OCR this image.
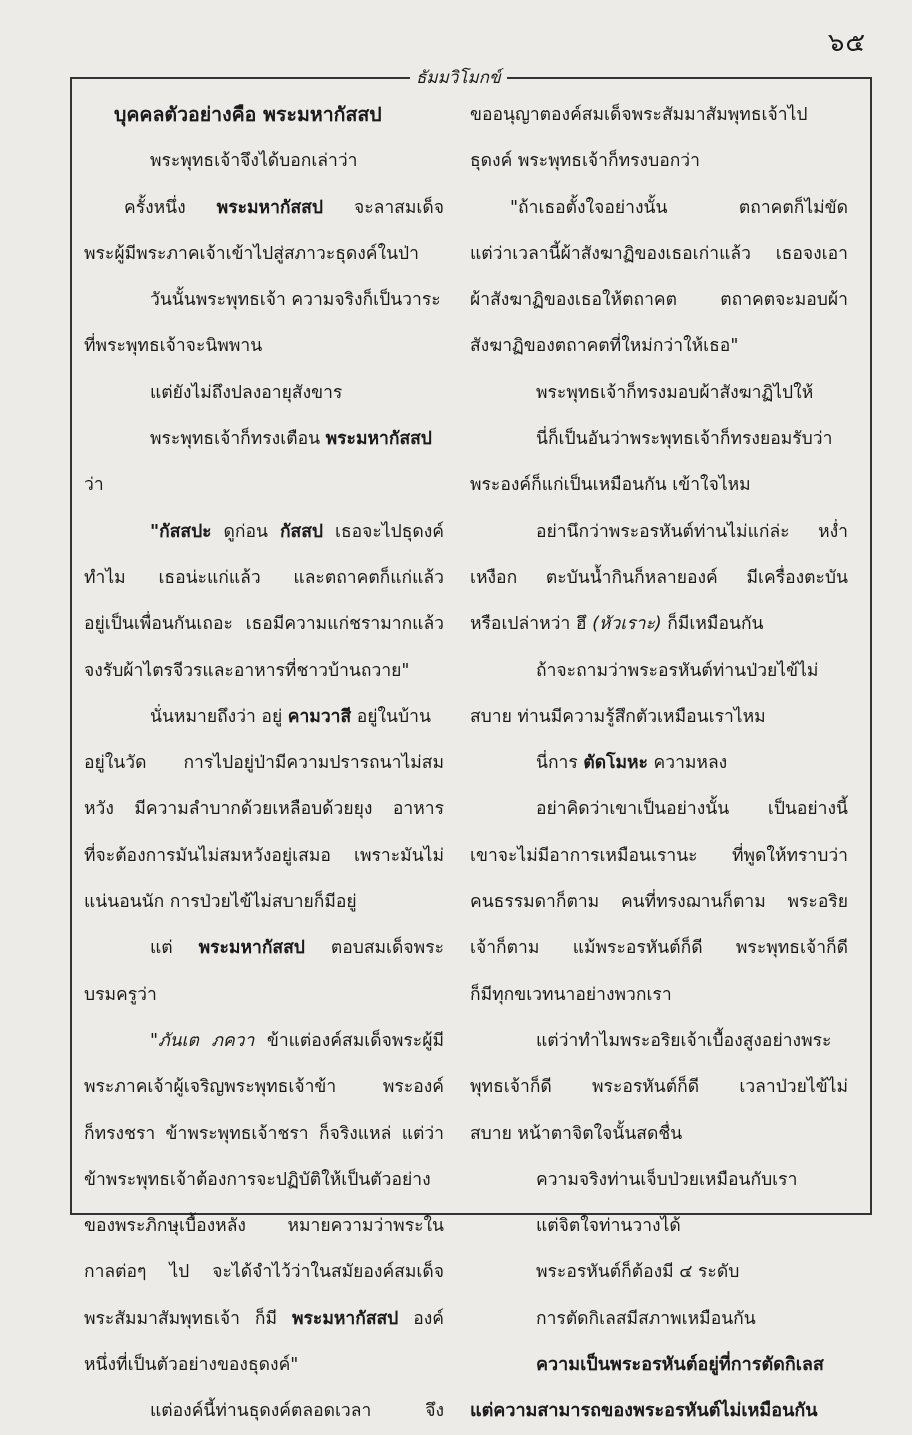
๖๕
ธัมมวิโมกข์
บุคคลตัวอย่างคือ พระมหากัสสป
พระพุทธเจ้าจึงได้บอกเล่าว่า
ครั้งหนึ่ง พระมหากัสสป จะลาสมเด็จ
พระผู้มีพระภาคเจ้าเข้าไปสู่สภาวะธุดงค์ในป่า
วันนั้นพระพุทธเจ้า ความจริงก็เป็นวาระ
ที่พระพุทธเจ้าจะนิพพาน
แต่ยังไม่ถึงปลงอายุสังขาร
พระพุทธเจ้าก็ทรงเตือน พระมหากัสสป
ว่า
"กัสสปะ ดูก่อน กัสสป เธอจะไปธุดงค์
ทำไม เธอน่ะแก่แล้ว และตถาคตก็แก่แล้ว
อยู่เป็นเพื่อนกันเถอะ เธอมีความแก่ชรามากแล้ว
จงรับผ้าไตรจีวรและอาหารที่ชาวบ้านถวาย"
นั่นหมายถึงว่า อยู่ คามวาสี อยู่ในบ้าน
อยู่ในวัด การไปอยู่ป่ามีความปรารถนาไม่สม
หวัง มีความลำบากด้วยเหลือบด้วยยุง อาหาร
ที่จะต้องการมันไม่สมหวังอยู่เสมอ เพราะมันไม่
แน่นอนนัก การป่วยไข้ไม่สบายก็มีอยู่
แต่ พระมหากัสสป ตอบสมเด็จพระ
บรมครูว่า
"ภันเต ภควา ข้าแต่องค์สมเด็จพระผู้มี
พระภาคเจ้าผู้เจริญพระพุทธเจ้าข้า พระองค์
ก็ทรงชรา ข้าพระพุทธเจ้าชรา ก็จริงแหล่ แต่ว่า
ข้าพระพุทธเจ้าต้องการจะปฏิบัติให้เป็นตัวอย่าง
ของพระภิกษุเบื้องหลัง หมายความว่าพระใน
กาลต่อๆ ไป จะได้จำไว้ว่าในสมัยองค์สมเด็จ
พระสัมมาสัมพุทธเจ้า ก็มี พระมหากัสสป องค์
หนึ่งที่เป็นตัวอย่างของธุดงค์"
แต่องค์นี้ท่านธุดงค์ตลอดเวลา จึง
ขออนุญาตองค์สมเด็จพระสัมมาสัมพุทธเจ้าไป
ธุดงค์ พระพุทธเจ้าก็ทรงบอกว่า
"ถ้าเธอตั้งใจอย่างนั้น ตถาคตก็ไม่ขัด
แต่ว่าเวลานี้ผ้าสังฆาฏิของเธอเก่าแล้ว เธอจงเอา
ผ้าสังฆาฏิของเธอให้ตถาคต ตถาคตจะมอบผ้า
สังฆาฏิของตถาคตที่ใหม่กว่าให้เธอ"
พระพุทธเจ้าก็ทรงมอบผ้าสังฆาฏิไปให้
นี่ก็เป็นอันว่าพระพุทธเจ้าก็ทรงยอมรับว่า
พระองค์ก็แก่เป็นเหมือนกัน เข้าใจไหม
อย่านึกว่าพระอรหันต์ท่านไม่แก่ล่ะ หง่ำ
เหงือก ตะบันน้ำกินก็หลายองค์ มีเครื่องตะบัน
หรือเปล่าหว่า ฮึ (หัวเราะ) ก็มีเหมือนกัน
ถ้าจะถามว่าพระอรหันต์ท่านป่วยไข้ไม่
สบาย ท่านมีความรู้สึกตัวเหมือนเราไหม
นี่การ ตัดโมหะ ความหลง
อย่าคิดว่าเขาเป็นอย่างนั้น เป็นอย่างนี้
เขาจะไม่มีอาการเหมือนเรานะ ที่พูดให้ทราบว่า
คนธรรมดาก็ตาม คนที่ทรงฌานก็ตาม พระอริย
เจ้าก็ตาม แม้พระอรหันต์ก็ดี พระพุทธเจ้าก็ดี
ก็มีทุกขเวทนาอย่างพวกเรา
แต่ว่าทำไมพระอริยเจ้าเบื้องสูงอย่างพระ
พุทธเจ้าก็ดี พระอรหันต์ก็ดี เวลาป่วยไข้ไม่
สบาย หน้าตาจิตใจนั้นสดชื่น
ความจริงท่านเจ็บป่วยเหมือนกับเรา
แต่จิตใจท่านวางได้
พระอรหันต์ก็ต้องมี ๔ ระดับ
การตัดกิเลสมีสภาพเหมือนกัน
ความเป็นพระอรหันต์อยู่ที่การตัดกิเลส
แต่ความสามารถของพระอรหันต์ไม่เหมือนกัน
